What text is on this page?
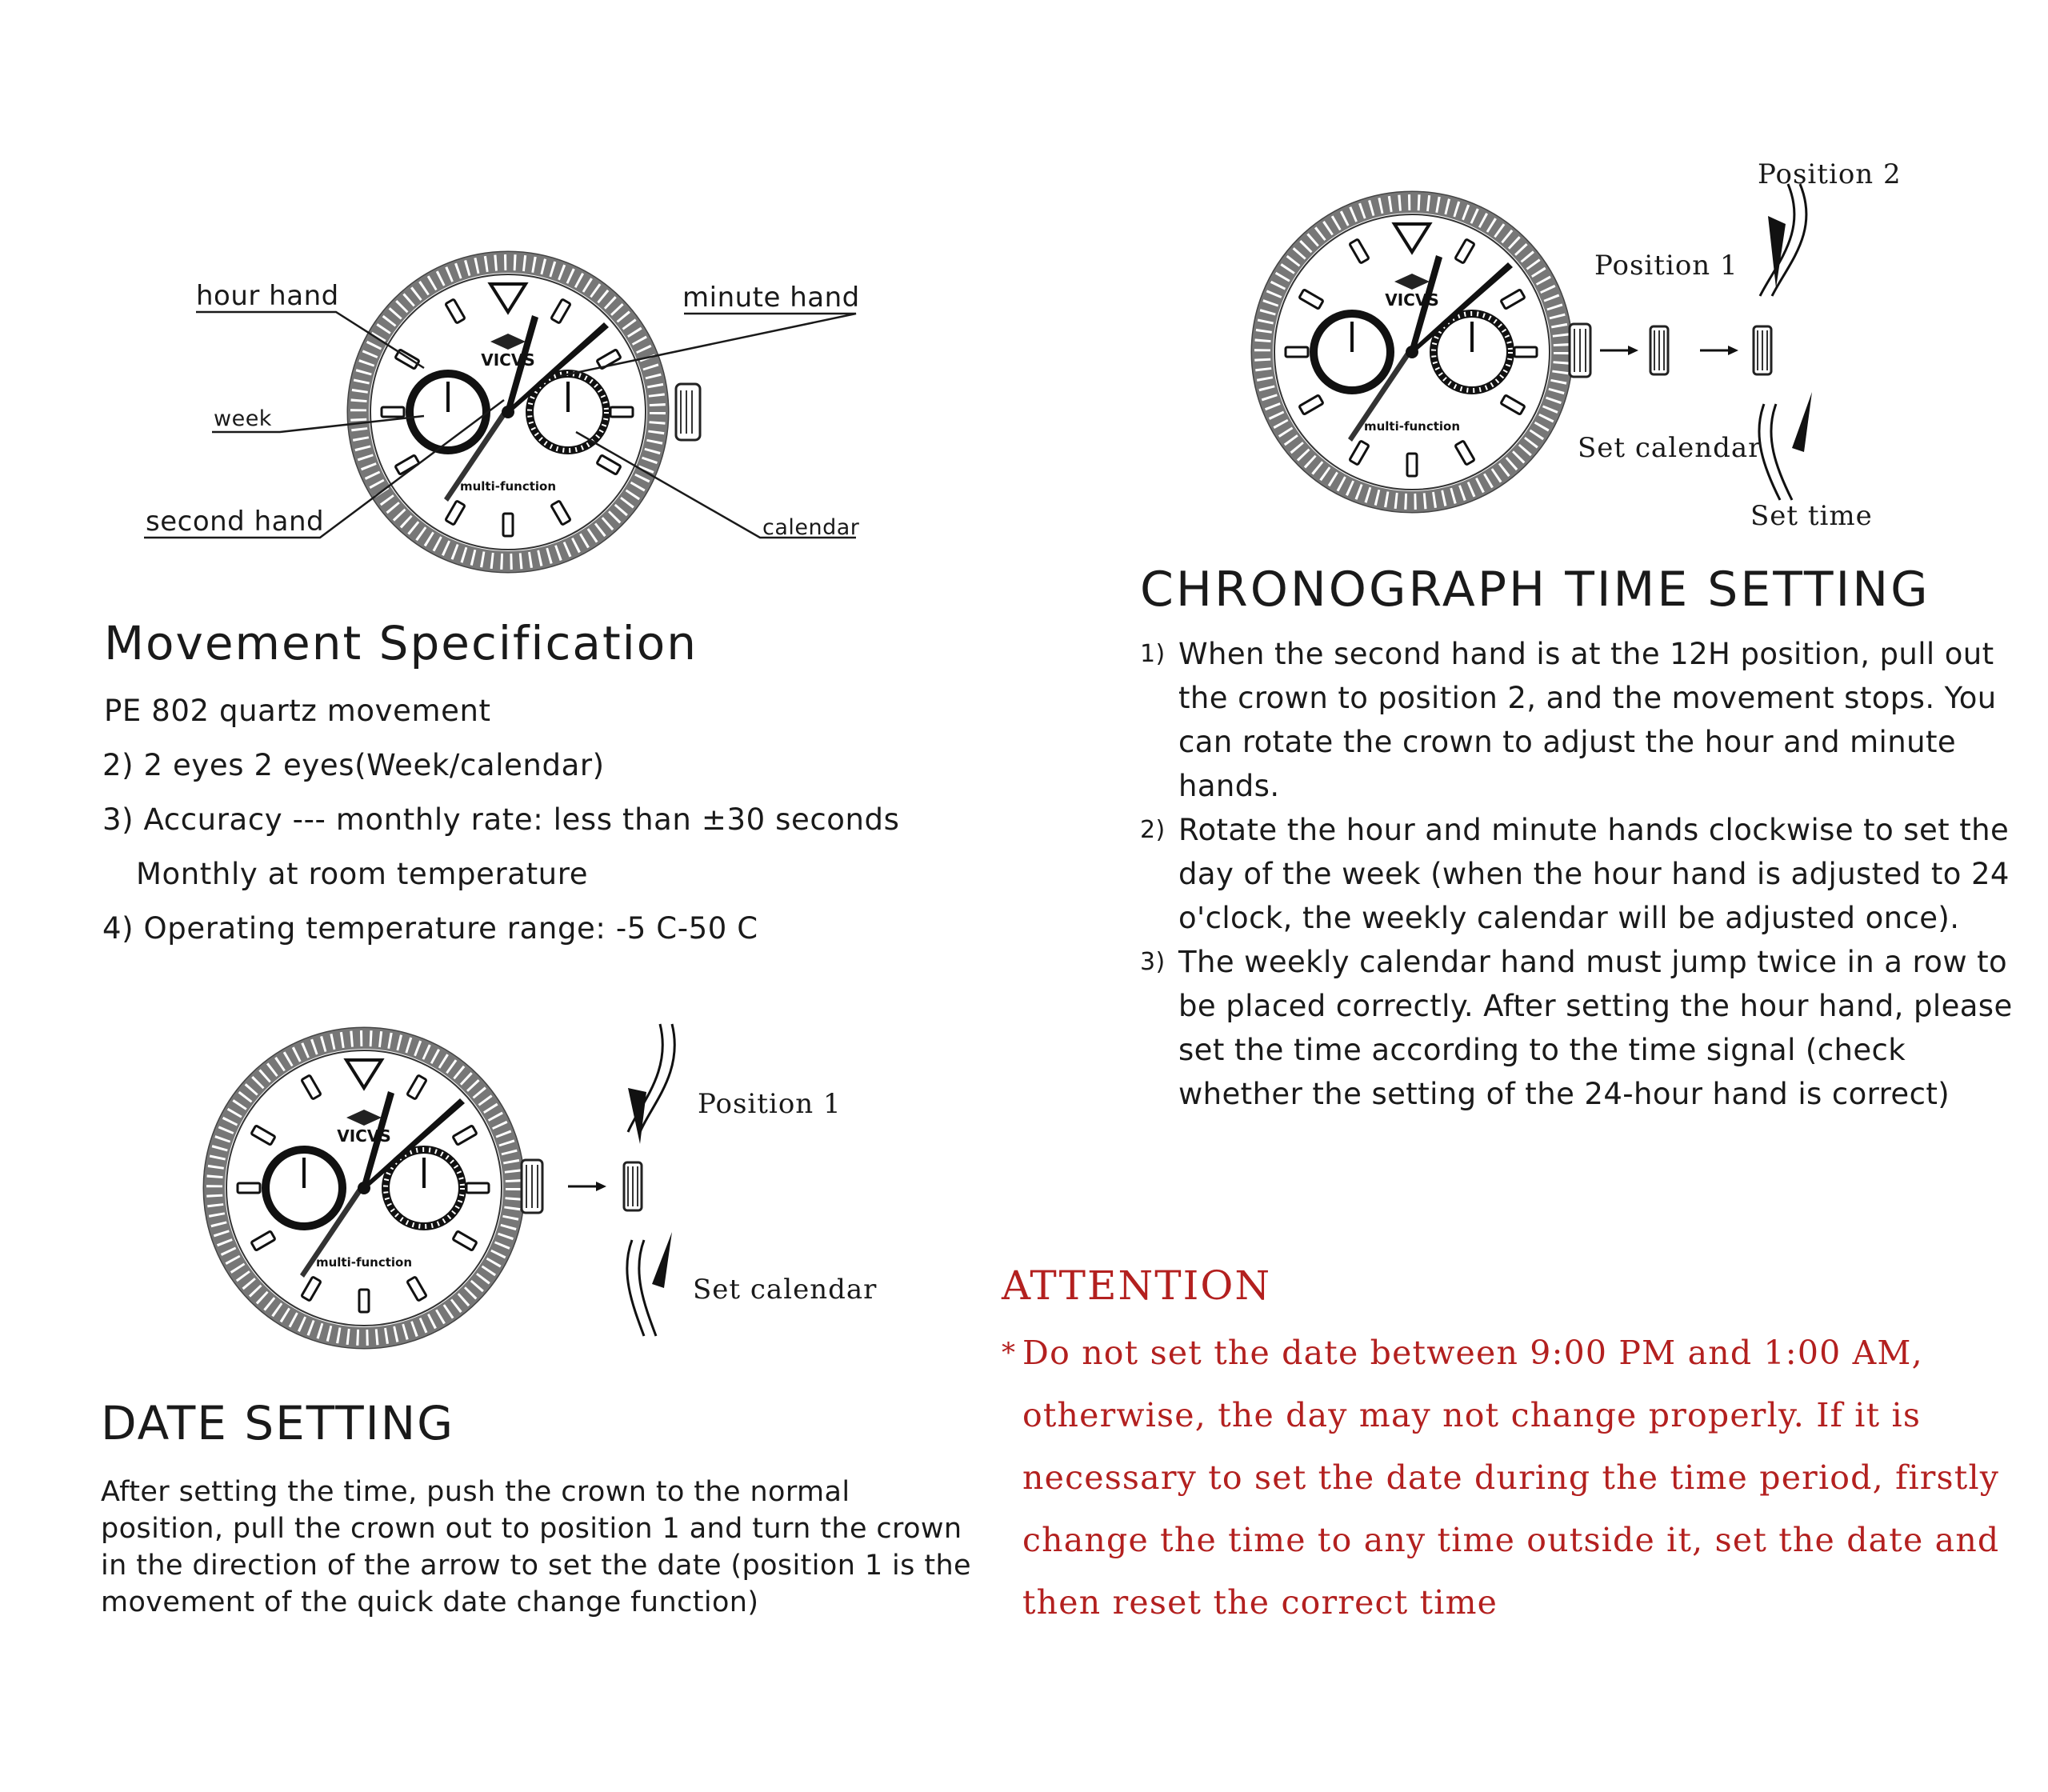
hour hand	minute hand
week
second hand	calendar
Movement Specification
PE 802 quartz movement
2) 2 eyes 2 eyes(Week/calendar)
3) Accuracy --- monthly rate: less than ±30 seconds
Monthly at room temperature
4) Operating temperature range: -5 C-50 C
Position 1
Set calendar
DATE SETTING
After setting the time, push the crown to the normal position, pull the crown out to position 1 and turn the crown in the direction of the arrow to set the date (position 1 is the movement of the quick date change function)
Position 2
Position 1
Set calendar
Set time
CHRONOGRAPH TIME SETTING
1) When the second hand is at the 12H position, pull out the crown to position 2, and the movement stops. You can rotate the crown to adjust the hour and minute hands.
2) Rotate the hour and minute hands clockwise to set the day of the week (when the hour hand is adjusted to 24 o'clock, the weekly calendar will be adjusted once).
3) The weekly calendar hand must jump twice in a row to be placed correctly. After setting the hour hand, please set the time according to the time signal (check whether the setting of the 24-hour hand is correct)
ATTENTION
* Do not set the date between 9:00 PM and 1:00 AM, otherwise, the day may not change properly. If it is necessary to set the date during the time period, firstly change the time to any time outside it, set the date and then reset the correct time
